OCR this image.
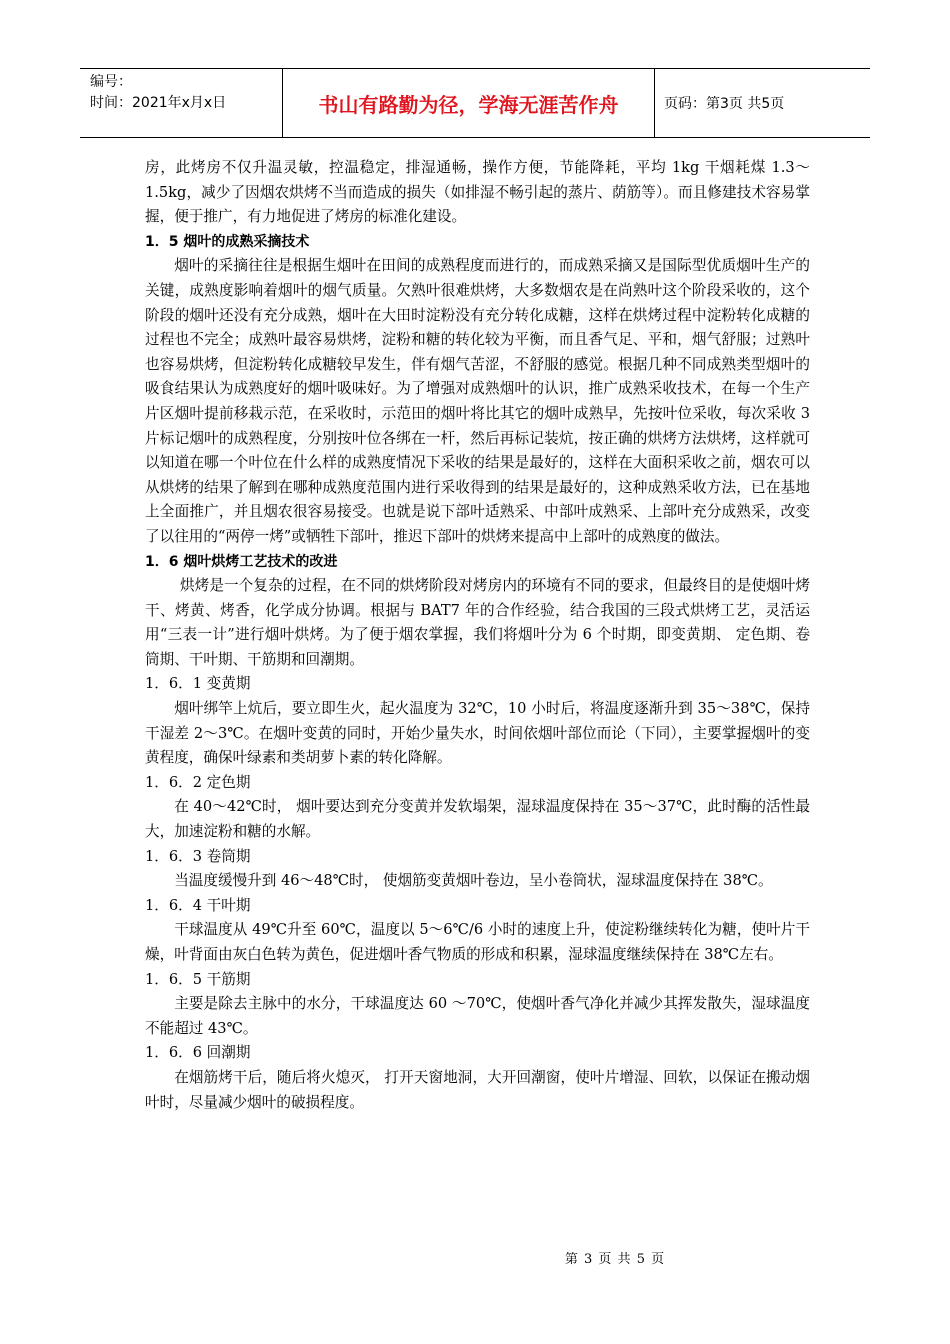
编号：
时间：2021年x月x日	书山有路勤为径，学海无涯苦作舟	页码：第3页 共5页

房，此烤房不仅升温灵敏，控温稳定，排湿通畅，操作方便，节能降耗，平均 1kg 干烟耗煤 1.3～1.5kg，减少了因烟农烘烤不当而造成的损失（如排湿不畅引起的蒸片、荫筋等）。而且修建技术容易掌握，便于推广，有力地促进了烤房的标准化建设。

1．5 烟叶的成熟采摘技术

烟叶的采摘往往是根据生烟叶在田间的成熟程度而进行的，而成熟采摘又是国际型优质烟叶生产的关键，成熟度影响着烟叶的烟气质量。欠熟叶很难烘烤，大多数烟农是在尚熟叶这个阶段采收的，这个阶段的烟叶还没有充分成熟，烟叶在大田时淀粉没有充分转化成糖，这样在烘烤过程中淀粉转化成糖的过程也不完全；成熟叶最容易烘烤，淀粉和糖的转化较为平衡，而且香气足、平和，烟气舒服；过熟叶也容易烘烤，但淀粉转化成糖较早发生，伴有烟气苦涩，不舒服的感觉。根据几种不同成熟类型烟叶的吸食结果认为成熟度好的烟叶吸味好。为了增强对成熟烟叶的认识，推广成熟采收技术，在每一个生产片区烟叶提前移栽示范，在采收时，示范田的烟叶将比其它的烟叶成熟早，先按叶位采收，每次采收 3 片标记烟叶的成熟程度，分别按叶位各绑在一杆，然后再标记装炕，按正确的烘烤方法烘烤，这样就可以知道在哪一个叶位在什么样的成熟度情况下采收的结果是最好的，这样在大面积采收之前，烟农可以从烘烤的结果了解到在哪种成熟度范围内进行采收得到的结果是最好的，这种成熟采收方法，已在基地上全面推广，并且烟农很容易接受。也就是说下部叶适熟采、中部叶成熟采、上部叶充分成熟采，改变了以往用的“两停一烤”或牺牲下部叶，推迟下部叶的烘烤来提高中上部叶的成熟度的做法。

1．6 烟叶烘烤工艺技术的改进

烘烤是一个复杂的过程，在不同的烘烤阶段对烤房内的环境有不同的要求，但最终目的是使烟叶烤干、烤黄、烤香，化学成分协调。根据与 BAT7 年的合作经验，结合我国的三段式烘烤工艺，灵活运用“三表一计”进行烟叶烘烤。为了便于烟农掌握，我们将烟叶分为 6 个时期，即变黄期、 定色期、卷筒期、干叶期、干筋期和回潮期。

1．6．1 变黄期

烟叶绑竿上炕后，要立即生火，起火温度为 32℃，10 小时后，将温度逐渐升到 35～38℃，保持干湿差 2～3℃。在烟叶变黄的同时，开始少量失水，时间依烟叶部位而论（下同），主要掌握烟叶的变黄程度，确保叶绿素和类胡萝卜素的转化降解。

1．6．2 定色期

在 40～42℃时， 烟叶要达到充分变黄并发软塌架，湿球温度保持在 35～37℃，此时酶的活性最大，加速淀粉和糖的水解。

1．6．3 卷筒期

当温度缓慢升到 46～48℃时， 使烟筋变黄烟叶卷边，呈小卷筒状，湿球温度保持在 38℃。

1．6．4 干叶期

干球温度从 49℃升至 60℃，温度以 5～6℃/6 小时的速度上升，使淀粉继续转化为糖，使叶片干燥，叶背面由灰白色转为黄色，促进烟叶香气物质的形成和积累，湿球温度继续保持在 38℃左右。

1．6．5 干筋期

主要是除去主脉中的水分，干球温度达 60 ～70℃，使烟叶香气净化并减少其挥发散失，湿球温度不能超过 43℃。

1．6．6 回潮期

在烟筋烤干后，随后将火熄灭， 打开天窗地洞，大开回潮窗，使叶片增湿、回软，以保证在搬动烟叶时，尽量减少烟叶的破损程度。

第 3 页 共 5 页
